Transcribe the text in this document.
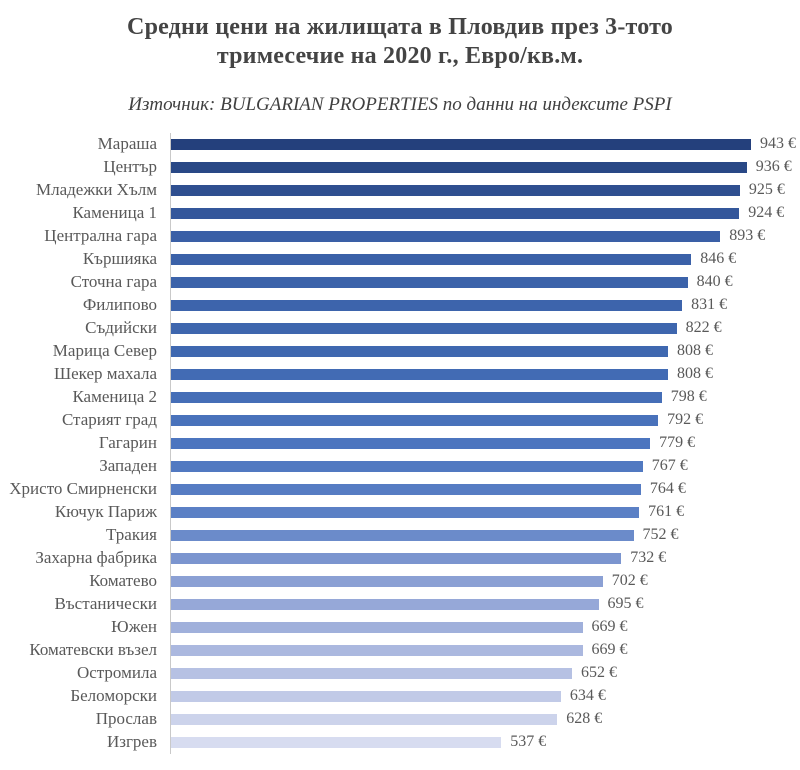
Средни цени на жилищата в Пловдив през 3-тото
тримесечие на 2020 г., Евро/кв.м.
Източник: BULGARIAN PROPERTIES по данни на индексите PSPI
Мараша	943 €
Център	936 €
Младежки Хълм	925 €
Каменица 1	924 €
Централна гара	893 €
Кършияка	846 €
Сточна гара	840 €
Филипово	831 €
Съдийски	822 €
Марица Север	808 €
Шекер махала	808 €
Каменица 2	798 €
Старият град	792 €
Гагарин	779 €
Западен	767 €
Христо Смирненски	764 €
Кючук Париж	761 €
Тракия	752 €
Захарна фабрика	732 €
Коматево	702 €
Въстанически	695 €
Южен	669 €
Коматевски възел	669 €
Остромила	652 €
Беломорски	634 €
Прослав	628 €
Изгрев	537 €
